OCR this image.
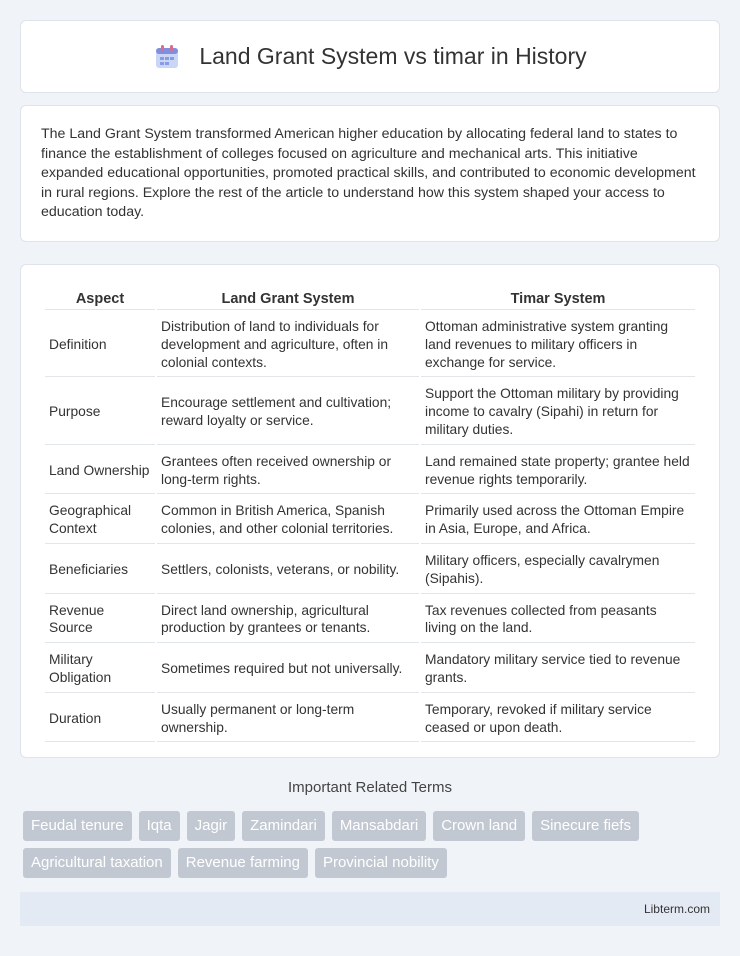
Land Grant System vs timar in History

The Land Grant System transformed American higher education by allocating federal land to states to finance the establishment of colleges focused on agriculture and mechanical arts. This initiative expanded educational opportunities, promoted practical skills, and contributed to economic development in rural regions. Explore the rest of the article to understand how this system shaped your access to education today.

Aspect	Land Grant System	Timar System
Definition	Distribution of land to individuals for development and agriculture, often in colonial contexts.	Ottoman administrative system granting land revenues to military officers in exchange for service.
Purpose	Encourage settlement and cultivation; reward loyalty or service.	Support the Ottoman military by providing income to cavalry (Sipahi) in return for military duties.
Land Ownership	Grantees often received ownership or long-term rights.	Land remained state property; grantee held revenue rights temporarily.
Geographical Context	Common in British America, Spanish colonies, and other colonial territories.	Primarily used across the Ottoman Empire in Asia, Europe, and Africa.
Beneficiaries	Settlers, colonists, veterans, or nobility.	Military officers, especially cavalrymen (Sipahis).
Revenue Source	Direct land ownership, agricultural production by grantees or tenants.	Tax revenues collected from peasants living on the land.
Military Obligation	Sometimes required but not universally.	Mandatory military service tied to revenue grants.
Duration	Usually permanent or long-term ownership.	Temporary, revoked if military service ceased or upon death.
Important Related Terms
Feudal tenure	Iqta	Jagir	Zamindari	Mansabdari	Crown land	Sinecure fiefs
Agricultural taxation	Revenue farming	Provincial nobility
Libterm.com
